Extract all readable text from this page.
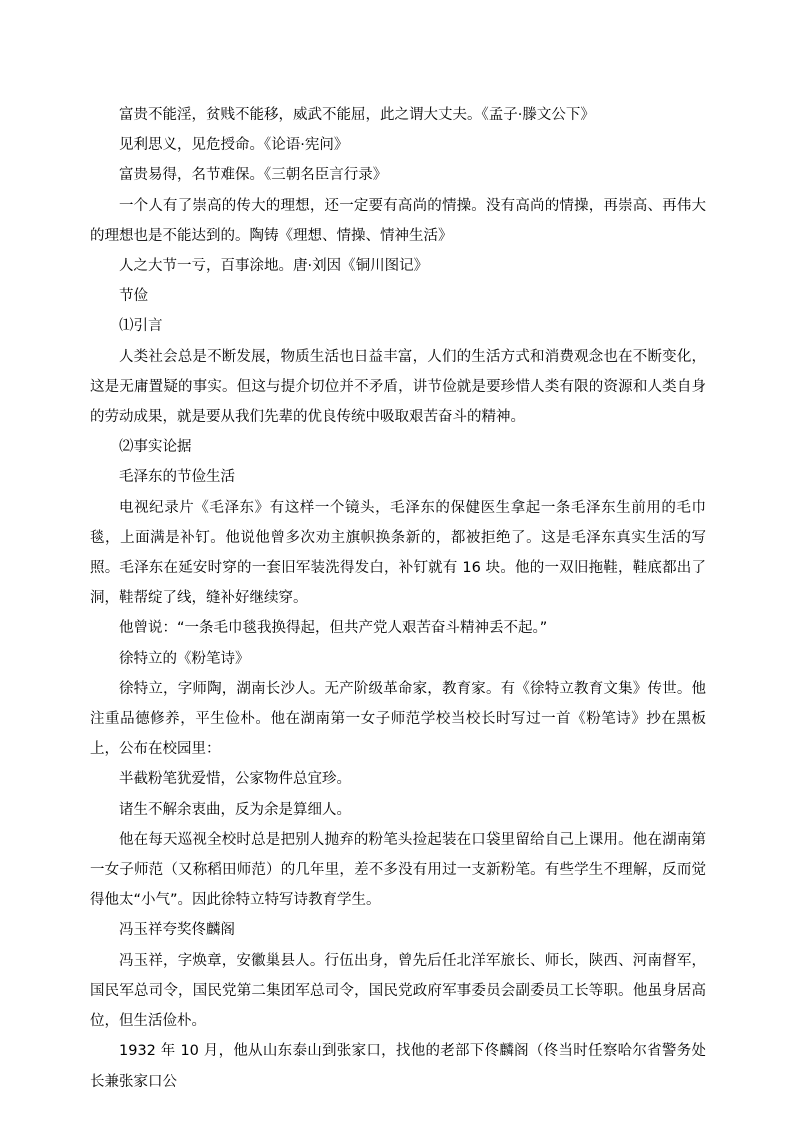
富贵不能淫，贫贱不能移，威武不能屈，此之谓大丈夫。《孟子·滕文公下》

见利思义，见危授命。《论语·宪问》

富贵易得，名节难保。《三朝名臣言行录》

一个人有了崇高的传大的理想，还一定要有高尚的情操。没有高尚的情操，再崇高、再伟大的理想也是不能达到的。陶铸《理想、情操、情神生活》

人之大节一亏，百事涂地。唐·刘因《铜川图记》

节俭

⑴引言

人类社会总是不断发展，物质生活也日益丰富，人们的生活方式和消费观念也在不断变化，这是无庸置疑的事实。但这与提介切位并不矛盾，讲节俭就是要珍惜人类有限的资源和人类自身的劳动成果，就是要从我们先辈的优良传统中吸取艰苦奋斗的精神。

⑵事实论据

毛泽东的节俭生活

电视纪录片《毛泽东》有这样一个镜头，毛泽东的保健医生拿起一条毛泽东生前用的毛巾毯，上面满是补钉。他说他曾多次劝主旗帜换条新的，都被拒绝了。这是毛泽东真实生活的写照。毛泽东在延安时穿的一套旧军装洗得发白，补钉就有 16 块。他的一双旧拖鞋，鞋底都出了洞，鞋帮绽了线，缝补好继续穿。

他曾说：“一条毛巾毯我换得起，但共产党人艰苦奋斗精神丢不起。”

徐特立的《粉笔诗》

徐特立，字师陶，湖南长沙人。无产阶级革命家，教育家。有《徐特立教育文集》传世。他注重品德修养，平生俭朴。他在湖南第一女子师范学校当校长时写过一首《粉笔诗》抄在黑板上，公布在校园里：

半截粉笔犹爱惜，公家物件总宜珍。

诸生不解余衷曲，反为余是算细人。

他在每天巡视全校时总是把别人抛弃的粉笔头捡起装在口袋里留给自己上课用。他在湖南第一女子师范（又称稻田师范）的几年里，差不多没有用过一支新粉笔。有些学生不理解，反而觉得他太“小气”。因此徐特立特写诗教育学生。

冯玉祥夸奖佟麟阁

冯玉祥，字焕章，安徽巢县人。行伍出身，曾先后任北洋军旅长、师长，陕西、河南督军，国民军总司令，国民党第二集团军总司令，国民党政府军事委员会副委员工长等职。他虽身居高位，但生活俭朴。

1932 年 10 月，他从山东泰山到张家口，找他的老部下佟麟阁（佟当时任察哈尔省警务处长兼张家口公
